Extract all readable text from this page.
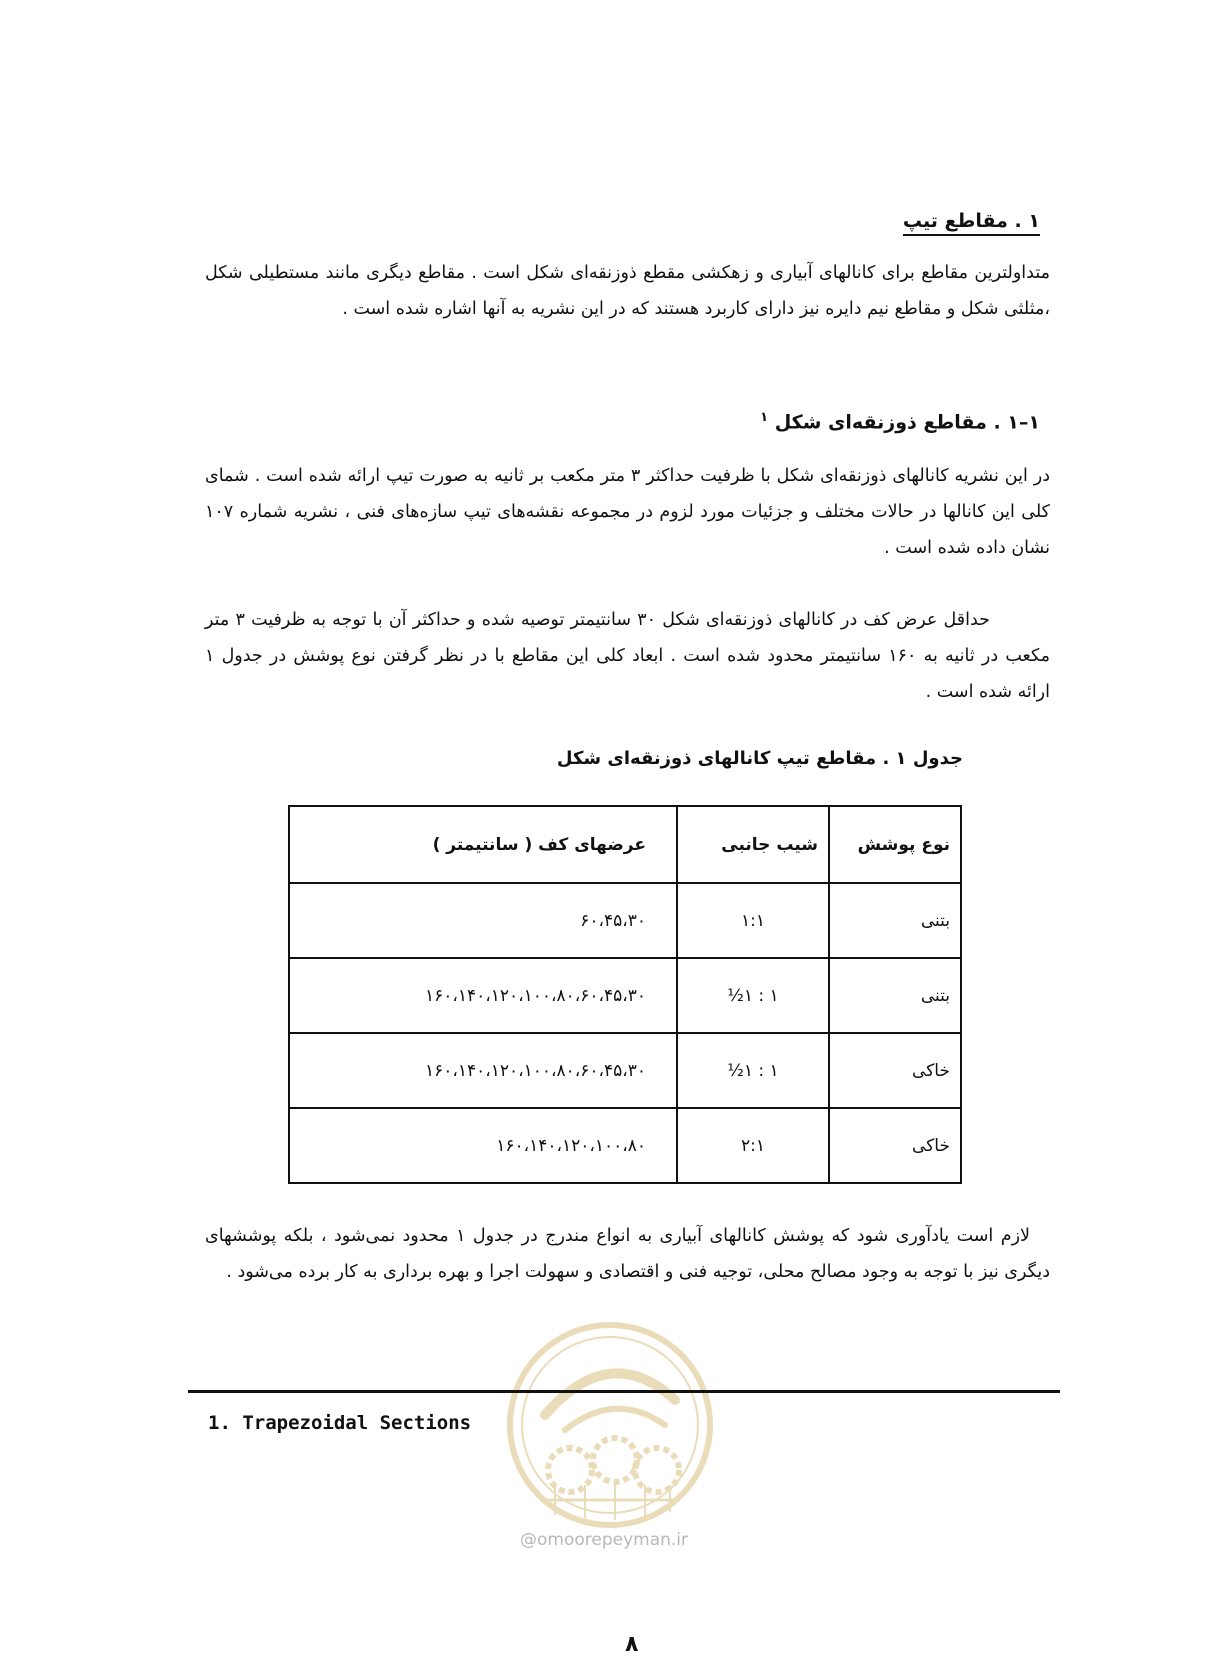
۱ . مقاطع تیپ
متداولترین مقاطع برای کانالهای آبیاری و زهکشی مقطع ذوزنقه‌ای شکل است . مقاطع دیگری مانند مستطیلی شکل ،مثلثی شکل و مقاطع نیم دایره نیز دارای کاربرد هستند که در این نشریه به آنها اشاره شده است .
۱–۱ . مقاطع ذوزنقه‌ای شکل $^۱$
در این نشریه کانالهای ذوزنقه‌ای شکل با ظرفیت حداکثر ۳ متر مکعب بر ثانیه به صورت تیپ ارائه شده است . شمای کلی این کانالها در حالات مختلف و جزئیات مورد لزوم در مجموعه نقشه‌های تیپ سازه‌های فنی ، نشریه شماره ۱۰۷ نشان داده شده است .
حداقل عرض کف در کانالهای ذوزنقه‌ای شکل ۳۰ سانتیمتر توصیه شده و حداکثر آن با توجه به ظرفیت ۳ متر مکعب در ثانیه به ۱۶۰ سانتیمتر محدود شده است . ابعاد کلی این مقاطع با در نظر گرفتن نوع پوشش در جدول ۱ ارائه شده است .
جدول ۱ . مقاطع تیپ کانالهای ذوزنقه‌ای شکل
نوع پوشش	شیب جانبی	عرضهای کف ( سانتیمتر )
بتنی	۱:۱	۶۰،۴۵،۳۰
بتنی	۱ : ۱½	۱۶۰،۱۴۰،۱۲۰،۱۰۰،۸۰،۶۰،۴۵،۳۰
خاکی	۱ : ۱½	۱۶۰،۱۴۰،۱۲۰،۱۰۰،۸۰،۶۰،۴۵،۳۰
خاکی	۲:۱	۱۶۰،۱۴۰،۱۲۰،۱۰۰،۸۰
لازم است یادآوری شود که پوشش کانالهای آبیاری به انواع مندرج در جدول ۱ محدود نمی‌شود ، بلکه پوششهای دیگری نیز با توجه به وجود مصالح محلی، توجیه فنی و اقتصادی و سهولت اجرا و بهره برداری به کار برده می‌شود .
1. Trapezoidal Sections
@omoorepeyman.ir
۸
